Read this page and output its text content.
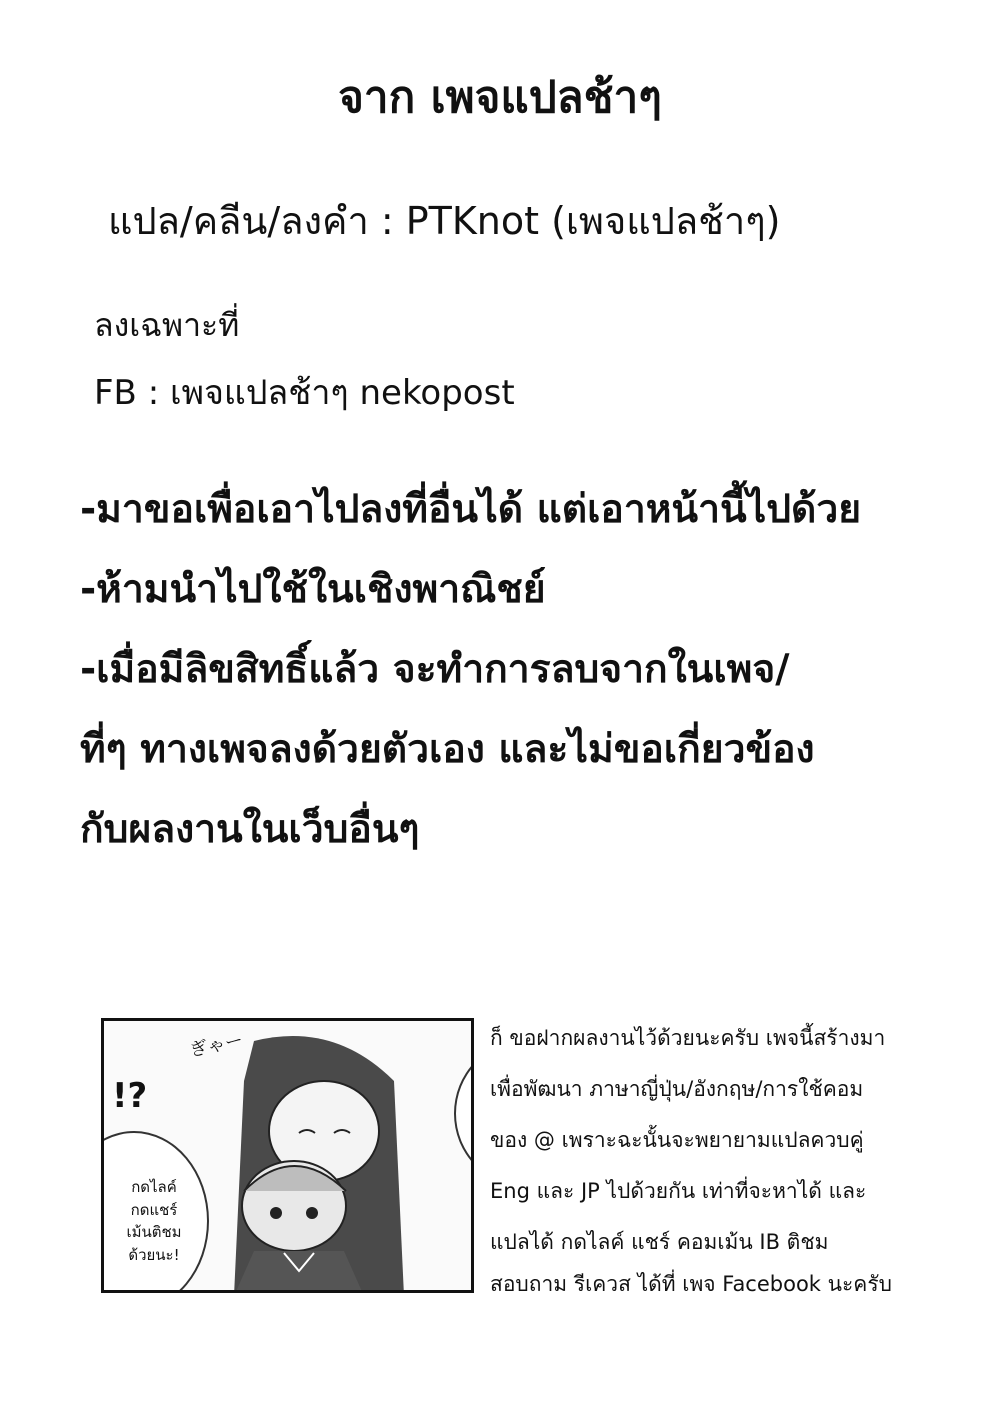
จาก เพจแปลช้าๆ
แปล/คลีน/ลงคำ : PTKnot (เพจแปลช้าๆ)
ลงเฉพาะที่
FB : เพจแปลช้าๆ nekopost
-มาขอเพื่อเอาไปลงที่อื่นได้ แต่เอาหน้านี้ไปด้วย
-ห้ามนำไปใช้ในเชิงพาณิชย์
-เมื่อมีลิขสิทธิ์แล้ว จะทำการลบจากในเพจ/
ที่ๆ ทางเพจลงด้วยตัวเอง และไม่ขอเกี่ยวข้อง
กับผลงานในเว็บอื่นๆ
!?
ぎゃー
กดไลค์
กดแชร์
เม้นติชม
ด้วยนะ!
ก็ ขอฝากผลงานไว้ด้วยนะครับ เพจนี้สร้างมา
เพื่อพัฒนา ภาษาญี่ปุ่น/อังกฤษ/การใช้คอม
ของ @ เพราะฉะนั้นจะพยายามแปลควบคู่
Eng และ JP ไปด้วยกัน เท่าที่จะหาได้ และ
แปลได้ กดไลค์ แชร์ คอมเม้น IB ติชม
สอบถาม รีเควส ได้ที่ เพจ Facebook นะครับ
